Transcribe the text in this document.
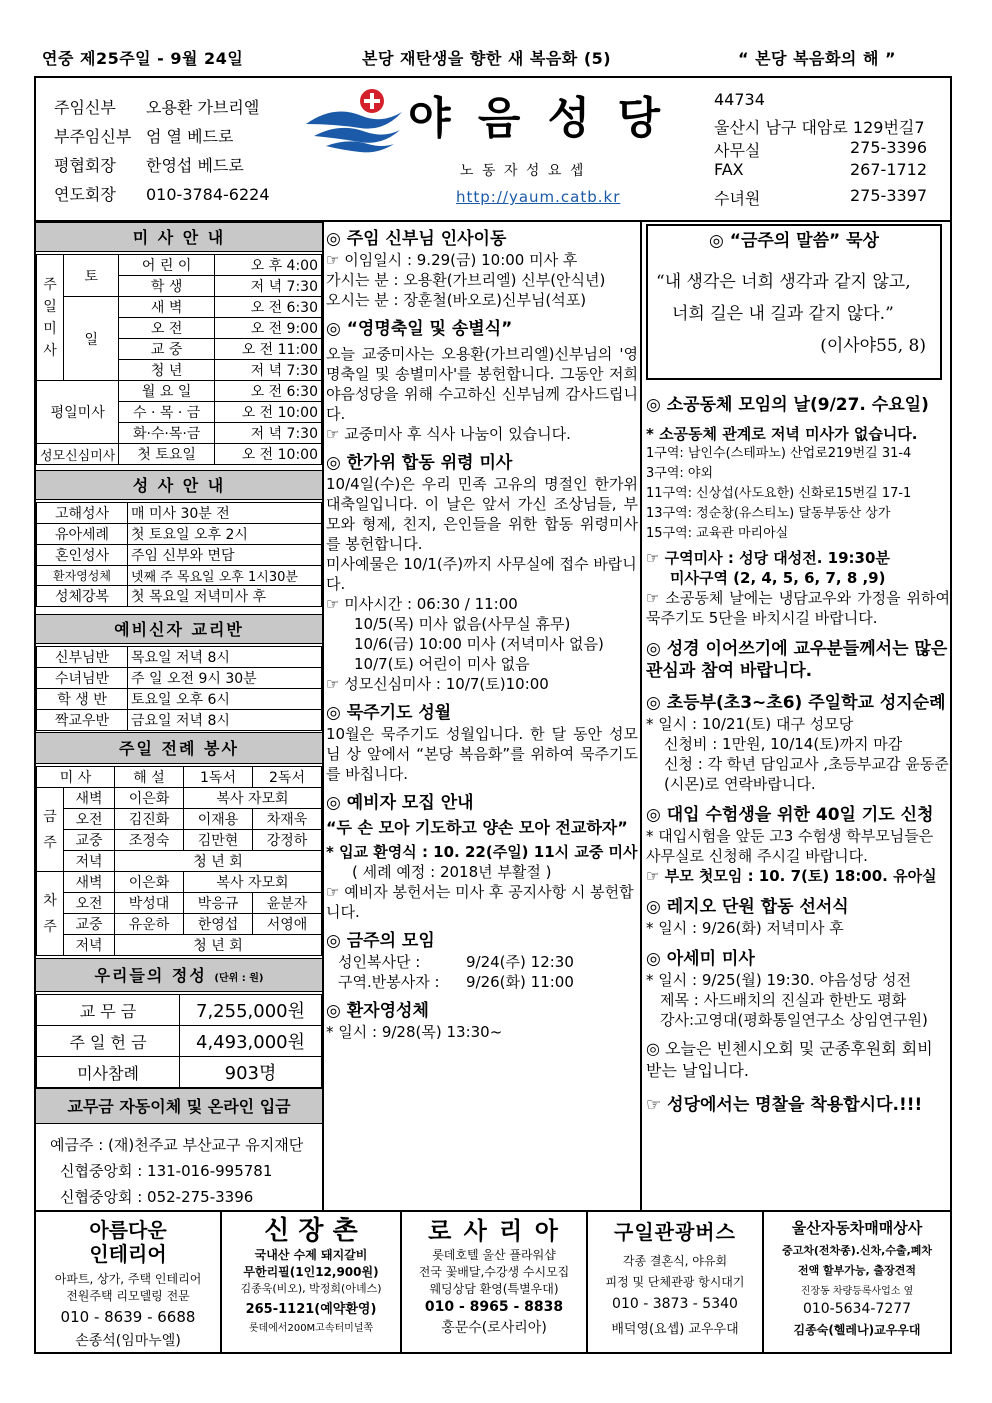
연중 제25주일 - 9월 24일	본당 재탄생을 향한 새 복음화 (5)	“ 본당 복음화의 해 ”
주임신부 오용환 가브리엘
부주임신부 엄 열 베드로
평협회장 한영섭 베드로
연도회장 010-3784-6224
야 음 성 당
노 동 자 성 요 셉
http://yaum.catb.kr
44734
울산시 남구 대암로 129번길7
사무실	275-3396
FAX	267-1712
수녀원	275-3397
미 사 안 내
주일미사	토	어 린 이	오 후 4:00
		학 생	저 녁 7:30
	일	새 벽	오 전 6:30
		오 전	오 전 9:00
		교 중	오 전 11:00
		청 년	저 녁 7:30
평일미사		월 요 일	오 전 6:30
		수 · 목 · 금	오 전 10:00
		화·수·목·금	저 녁 7:30
성모신심미사		첫 토요일	오 전 10:00
성 사 안 내
고해성사	매 미사 30분 전
유아세례	첫 토요일 오후 2시
혼인성사	주임 신부와 면담
환자영성체	넷째 주 목요일 오후 1시30분
성체강복	첫 목요일 저녁미사 후
예비신자 교리반
신부님반	목요일 저녁 8시
수녀님반	주 일 오전 9시 30분
학 생 반	토요일 오후 6시
짝교우반	금요일 저녁 8시
주일 전례 봉사
미 사		해 설	1독서	2독서
금주	새벽	이은화	복사 자모회	
	오전	김진화	이재용	차재욱
	교중	조정숙	김만현	강정하
	저녁	청 년 회		
차주	새벽	이은화	복사 자모회	
	오전	박성대	박응규	윤분자
	교중	유운하	한영섭	서영애
	저녁	청 년 회		
우리들의 정성 (단위 : 원)
교 무 금	7,255,000원
주 일 헌 금	4,493,000원
미사참례	903명
교무금 자동이체 및 온라인 입금
예금주 : (재)천주교 부산교구 유지재단
신협중앙회 : 131-016-995781
신협중앙회 : 052-275-3396
◎ 주임 신부님 인사이동

☞ 이임일시 : 9.29(금) 10:00 미사 후

가시는 분 : 오용환(가브리엘) 신부(안식년)

오시는 분 : 장훈철(바오로)신부님(석포)

◎ “영명축일 및 송별식”

오늘 교중미사는 오용환(가브리엘)신부님의 '영명축일 및 송별미사'를 봉헌합니다. 그동안 저희 야음성당을 위해 수고하신 신부님께 감사드립니다.

☞ 교중미사 후 식사 나눔이 있습니다.

◎ 한가위 합동 위령 미사

10/4일(수)은 우리 민족 고유의 명절인 한가위 대축일입니다. 이 날은 앞서 가신 조상님들, 부모와 형제, 친지, 은인들을 위한 합동 위령미사를 봉헌합니다.

미사예물은 10/1(주)까지 사무실에 접수 바랍니다.

☞ 미사시간 : 06:30 / 11:00

10/5(목) 미사 없음(사무실 휴무)

10/6(금) 10:00 미사 (저녁미사 없음)

10/7(토) 어린이 미사 없음

☞ 성모신심미사 : 10/7(토)10:00

◎ 묵주기도 성월

10월은 묵주기도 성월입니다. 한 달 동안 성모님 상 앞에서 “본당 복음화”를 위하여 묵주기도를 바칩니다.

◎ 예비자 모집 안내

“두 손 모아 기도하고 양손 모아 전교하자”

* 입교 환영식 : 10. 22(주일) 11시 교중 미사

( 세례 예정 : 2018년 부활절 )

☞ 예비자 봉헌서는 미사 후 공지사항 시 봉헌합니다.

◎ 금주의 모임

성인복사단 :	9/24(주) 12:30

구역.반봉사자 : 9/26(화) 11:00

◎ 환자영성체

* 일시 : 9/28(목) 13:30~

◎ “금주의 말씀” 묵상
“내 생각은 너희 생각과 같지 않고,
너희 길은 내 길과 같지 않다.”
(이사야55, 8)
◎ 소공동체 모임의 날(9/27. 수요일)

* 소공동체 관계로 저녁 미사가 없습니다.

1구역: 남인수(스테파노) 산업로219번길 31-4

3구역: 야외

11구역: 신상섭(사도요한) 신화로15번길 17-1

13구역: 정순창(유스티노) 달동부동산 상가

15구역: 교육관 마리아실

☞ 구역미사 : 성당 대성전. 19:30분

미사구역 (2, 4, 5, 6, 7, 8 ,9)

☞ 소공동체 날에는 냉담교우와 가정을 위하여 묵주기도 5단을 바치시길 바랍니다.

◎ 성경 이어쓰기에 교우분들께서는 많은 관심과 참여 바랍니다.
◎ 초등부(초3~초6) 주일학교 성지순례

* 일시 : 10/21(토) 대구 성모당

신청비 : 1만원, 10/14(토)까지 마감

신청 : 각 학년 담임교사 ,초등부교감 윤동준(시몬)로 연락바랍니다.

◎ 대입 수험생을 위한 40일 기도 신청

* 대입시험을 앞둔 고3 수험생 학부모님들은 사무실로 신청해 주시길 바랍니다.

☞ 부모 첫모임 : 10. 7(토) 18:00. 유아실

◎ 레지오 단원 합동 선서식

* 일시 : 9/26(화) 저녁미사 후

◎ 아세미 미사

* 일시 : 9/25(월) 19:30. 야음성당 성전

제목 : 사드배치의 진실과 한반도 평화

강사:고영대(평화통일연구소 상임연구원)

◎ 오늘은 빈첸시오회 및 군종후원회 회비 받는 날입니다.

☞ 성당에서는 명찰을 착용합시다.!!!
아름다운
인테리어
아파트, 상가, 주택 인테리어
전원주택 리모델링 전문
010 - 8639 - 6688
손종석(임마누엘)
신 장 촌
국내산 수제 돼지갈비
무한리필(1인12,900원)
김종욱(비오), 박정희(아녜스)
265-1121(예약환영)
롯데에서200M고속터미널쪽
로 사 리 아
롯데호텔 울산 플라워샵
전국 꽃배달,수강생 수시모집
웨딩상담 환영(특별우대)
010 - 8965 - 8838
홍문수(로사리아)
구일관광버스
각종 결혼식, 야유회
피정 및 단체관광 항시대기
010 - 3873 - 5340
배덕영(요셉) 교우우대
울산자동차매매상사
중고차(전차종).신차,수출,폐차
전액 할부가능, 출장견적
진장동 차량등록사업소 옆
010-5634-7277
김종숙(헬레나)교우우대
